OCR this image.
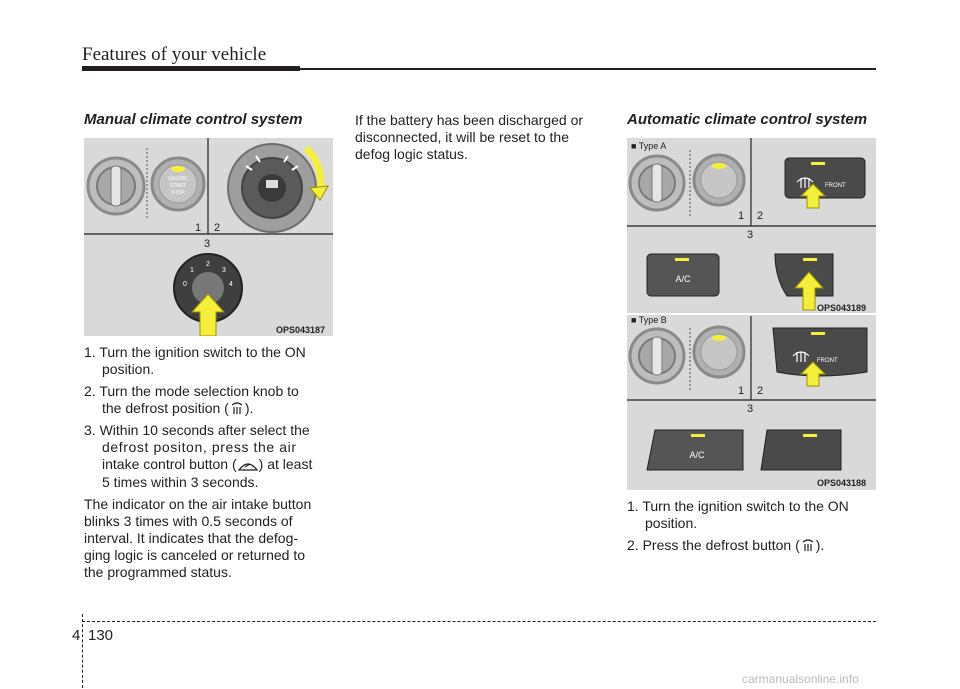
Features of your vehicle
Manual climate control system
ENGINE
START
STOP
2
1	3
0	4
1 2
3
OPS043187
1. Turn the ignition switch to the ON
position.
2. Turn the mode selection knob to
the defrost position ( ).
3. Within 10 seconds after select the
defrost positon, press the air
intake control button ( ) at least
5 times within 3 seconds.
The indicator on the air intake button
blinks 3 times with 0.5 seconds of
interval. It indicates that the defog-
ging logic is canceled or returned to
the programmed status.
If the battery has been discharged or
disconnected, it will be reset to the
defog logic status.
Automatic climate control system
FRONT
A/C
FRONT
A/C
■ Type A
1 2
3
OPS043189
■ Type B
1 2
3
OPS043188
1. Turn the ignition switch to the ON
position.
2. Press the defrost button ( ).
4 130
carmanualsonline.info
